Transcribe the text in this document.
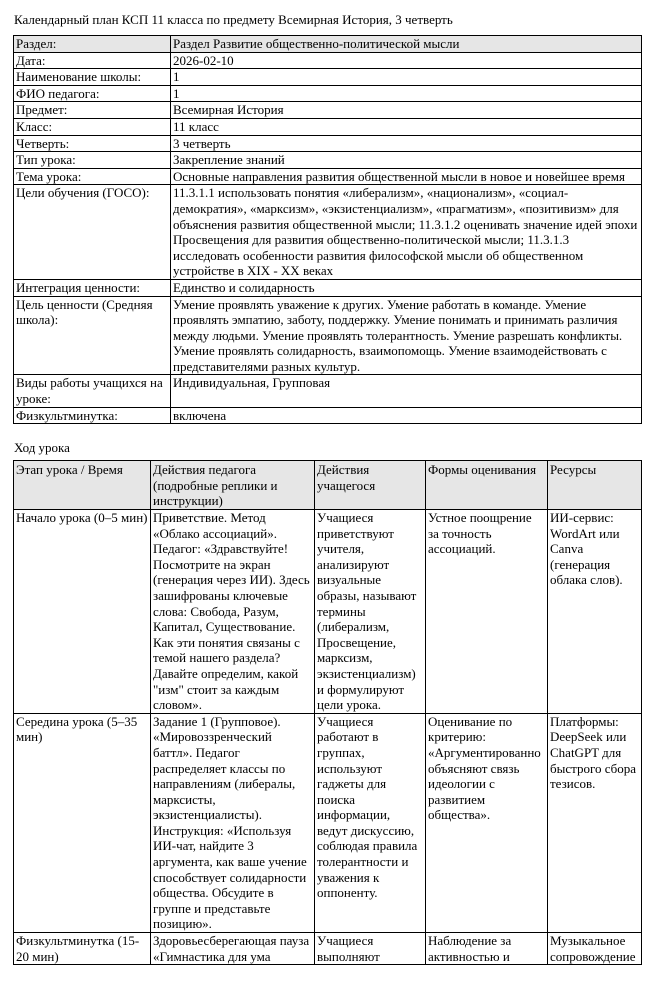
Календарный план КСП 11 класса по предмету Всемирная История, 3 четверть
Раздел:	Раздел Развитие общественно-политической мысли
Дата:	2026-02-10
Наименование школы:	1
ФИО педагога:	1
Предмет:	Всемирная История
Класс:	11 класс
Четверть:	3 четверть
Тип урока:	Закрепление знаний
Тема урока:	Основные направления развития общественной мысли в новое и новейшее время
Цели обучения (ГОСО):	11.3.1.1 использовать понятия «либерализм», «национализм», «социал-демократия», «марксизм», «экзистенциализм», «прагматизм», «позитивизм» для объяснения развития общественной мысли; 11.3.1.2 оценивать значение идей эпохи Просвещения для развития общественно-политической мысли; 11.3.1.3 исследовать особенности развития философской мысли об общественном устройстве в XIX - XX веках
Интеграция ценности:	Единство и солидарность
Цель ценности (Средняя школа):	Умение проявлять уважение к других. Умение работать в команде. Умение проявлять эмпатию, заботу, поддержку. Умение понимать и принимать различия между людьми. Умение проявлять толерантность. Умение разрешать конфликты. Умение проявлять солидарность, взаимопомощь. Умение взаимодействовать с представителями разных культур.
Виды работы учащихся на уроке:	Индивидуальная, Групповая
Физкультминутка:	включена
Ход урока
Этап урока / Время	Действия педагога (подробные реплики и инструкции)	Действия учащегося	Формы оценивания	Ресурсы
Начало урока (0–5 мин)	Приветствие. Метод «Облако ассоциаций». Педагог: «Здравствуйте! Посмотрите на экран (генерация через ИИ). Здесь зашифрованы ключевые слова: Свобода, Разум, Капитал, Существование. Как эти понятия связаны с темой нашего раздела? Давайте определим, какой "изм" стоит за каждым словом».	Учащиеся приветствуют учителя, анализируют визуальные образы, называют термины (либерализм, Просвещение, марксизм, экзистенциализм) и формулируют цели урока.	Устное поощрение за точность ассоциаций.	ИИ-сервис: WordArt или Canva (генерация облака слов).
Середина урока (5–35 мин)	Задание 1 (Групповое). «Мировоззренческий баттл». Педагог распределяет классы по направлениям (либералы, марксисты, экзистенциалисты). Инструкция: «Используя ИИ-чат, найдите 3 аргумента, как ваше учение способствует солидарности общества. Обсудите в группе и представьте позицию».	Учащиеся работают в группах, используют гаджеты для поиска информации, ведут дискуссию, соблюдая правила толерантности и уважения к оппоненту.	Оценивание по критерию: «Аргументированно объясняют связь идеологии с развитием общества».	Платформы: DeepSeek или ChatGPT для быстрого сбора тезисов.
Физкультминутка (15-20 мин)	Здоровьесберегающая пауза «Гимнастика для ума	Учащиеся выполняют	Наблюдение за активностью и	Музыкальное сопровождение
